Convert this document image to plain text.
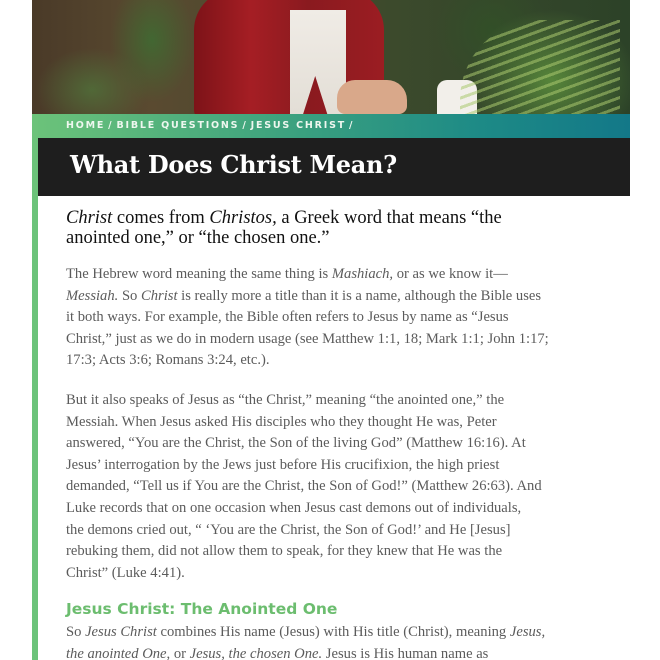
HOME / BIBLE QUESTIONS / JESUS CHRIST /
What Does Christ Mean?

Christ comes from Christos, a Greek word that means “the
anointed one,” or “the chosen one.”

The Hebrew word meaning the same thing is Mashiach, or as we know it—
Messiah. So Christ is really more a title than it is a name, although the Bible uses
it both ways. For example, the Bible often refers to Jesus by name as “Jesus
Christ,” just as we do in modern usage (see Matthew 1:1, 18; Mark 1:1; John 1:17;
17:3; Acts 3:6; Romans 3:24, etc.).

But it also speaks of Jesus as “the Christ,” meaning “the anointed one,” the
Messiah. When Jesus asked His disciples who they thought He was, Peter
answered, “You are the Christ, the Son of the living God” (Matthew 16:16). At
Jesus’ interrogation by the Jews just before His crucifixion, the high priest
demanded, “Tell us if You are the Christ, the Son of God!” (Matthew 26:63). And
Luke records that on one occasion when Jesus cast demons out of individuals,
the demons cried out, “ ‘You are the Christ, the Son of God!’ and He [Jesus]
rebuking them, did not allow them to speak, for they knew that He was the
Christ” (Luke 4:41).

Jesus Christ: The Anointed One

So Jesus Christ combines His name (Jesus) with His title (Christ), meaning Jesus,
the anointed One, or Jesus, the chosen One. Jesus is His human name as
